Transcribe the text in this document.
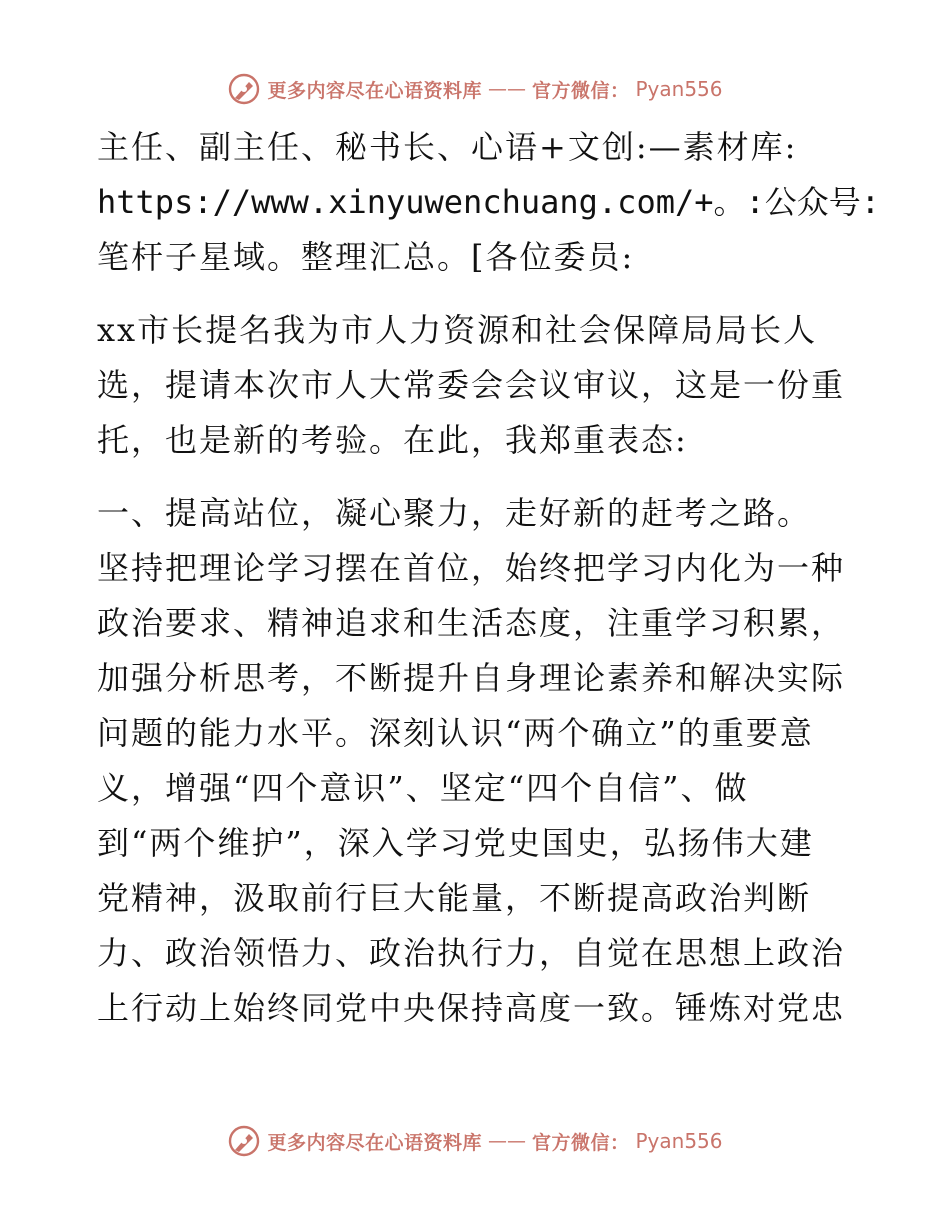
更多内容尽在心语资料库 —— 官方微信： Pyan556
主任、副主任、秘书长、心语+文创:—素材库:
https://www.xinyuwenchuang.com/+。:公众号:
笔杆子星域。整理汇总。[各位委员:
xx市长提名我为市人力资源和社会保障局局长人
选，提请本次市人大常委会会议审议，这是一份重
托，也是新的考验。在此，我郑重表态:
一、提高站位，凝心聚力，走好新的赶考之路。
坚持把理论学习摆在首位，始终把学习内化为一种
政治要求、精神追求和生活态度，注重学习积累，
加强分析思考，不断提升自身理论素养和解决实际
问题的能力水平。深刻认识“两个确立”的重要意
义，增强“四个意识”、坚定“四个自信”、做
到“两个维护”，深入学习党史国史，弘扬伟大建
党精神，汲取前行巨大能量，不断提高政治判断
力、政治领悟力、政治执行力，自觉在思想上政治
上行动上始终同党中央保持高度一致。锤炼对党忠
更多内容尽在心语资料库 —— 官方微信： Pyan556
